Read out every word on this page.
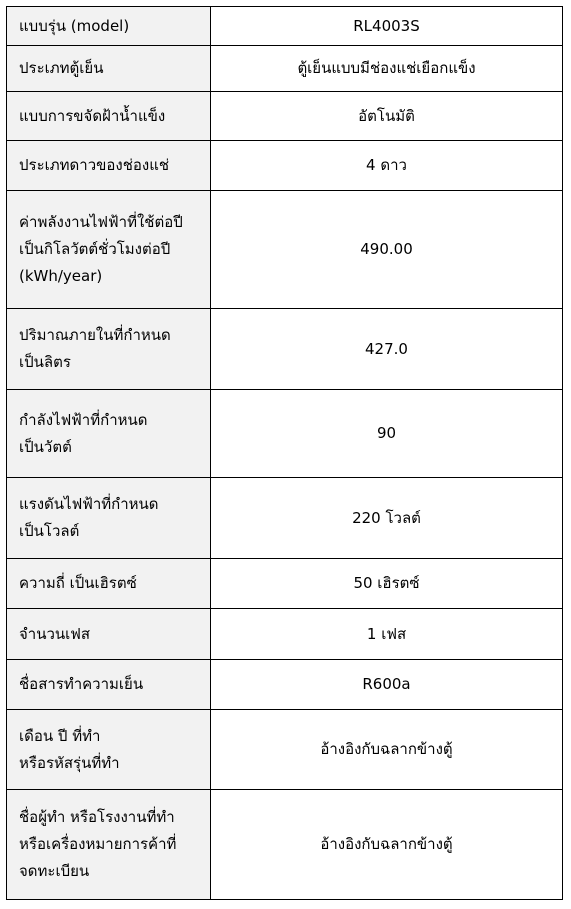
แบบรุ่น (model)	RL4003S

ประเภทตู้เย็น	ตู้เย็นแบบมีช่องแช่เยือกแข็ง

แบบการขจัดฝ้าน้ำแข็ง	อัตโนมัติ

ประเภทดาวของช่องแช่	4 ดาว

ค่าพลังงานไฟฟ้าที่ใช้ต่อปี
เป็นกิโลวัตต์ชั่วโมงต่อปี
(kWh/year)	490.00

ปริมาณภายในที่กำหนด
เป็นลิตร	427.0

กำลังไฟฟ้าที่กำหนด
เป็นวัตต์	90

แรงดันไฟฟ้าที่กำหนด
เป็นโวลต์	220 โวลต์

ความถี่ เป็นเฮิรตซ์	50 เฮิรตซ์

จำนวนเฟส	1 เฟส

ชื่อสารทำความเย็น	R600a

เดือน ปี ที่ทำ
หรือรหัสรุ่นที่ทำ	อ้างอิงกับฉลากข้างตู้

ชื่อผู้ทำ หรือโรงงานที่ทำ
หรือเครื่องหมายการค้าที่
จดทะเบียน	อ้างอิงกับฉลากข้างตู้
